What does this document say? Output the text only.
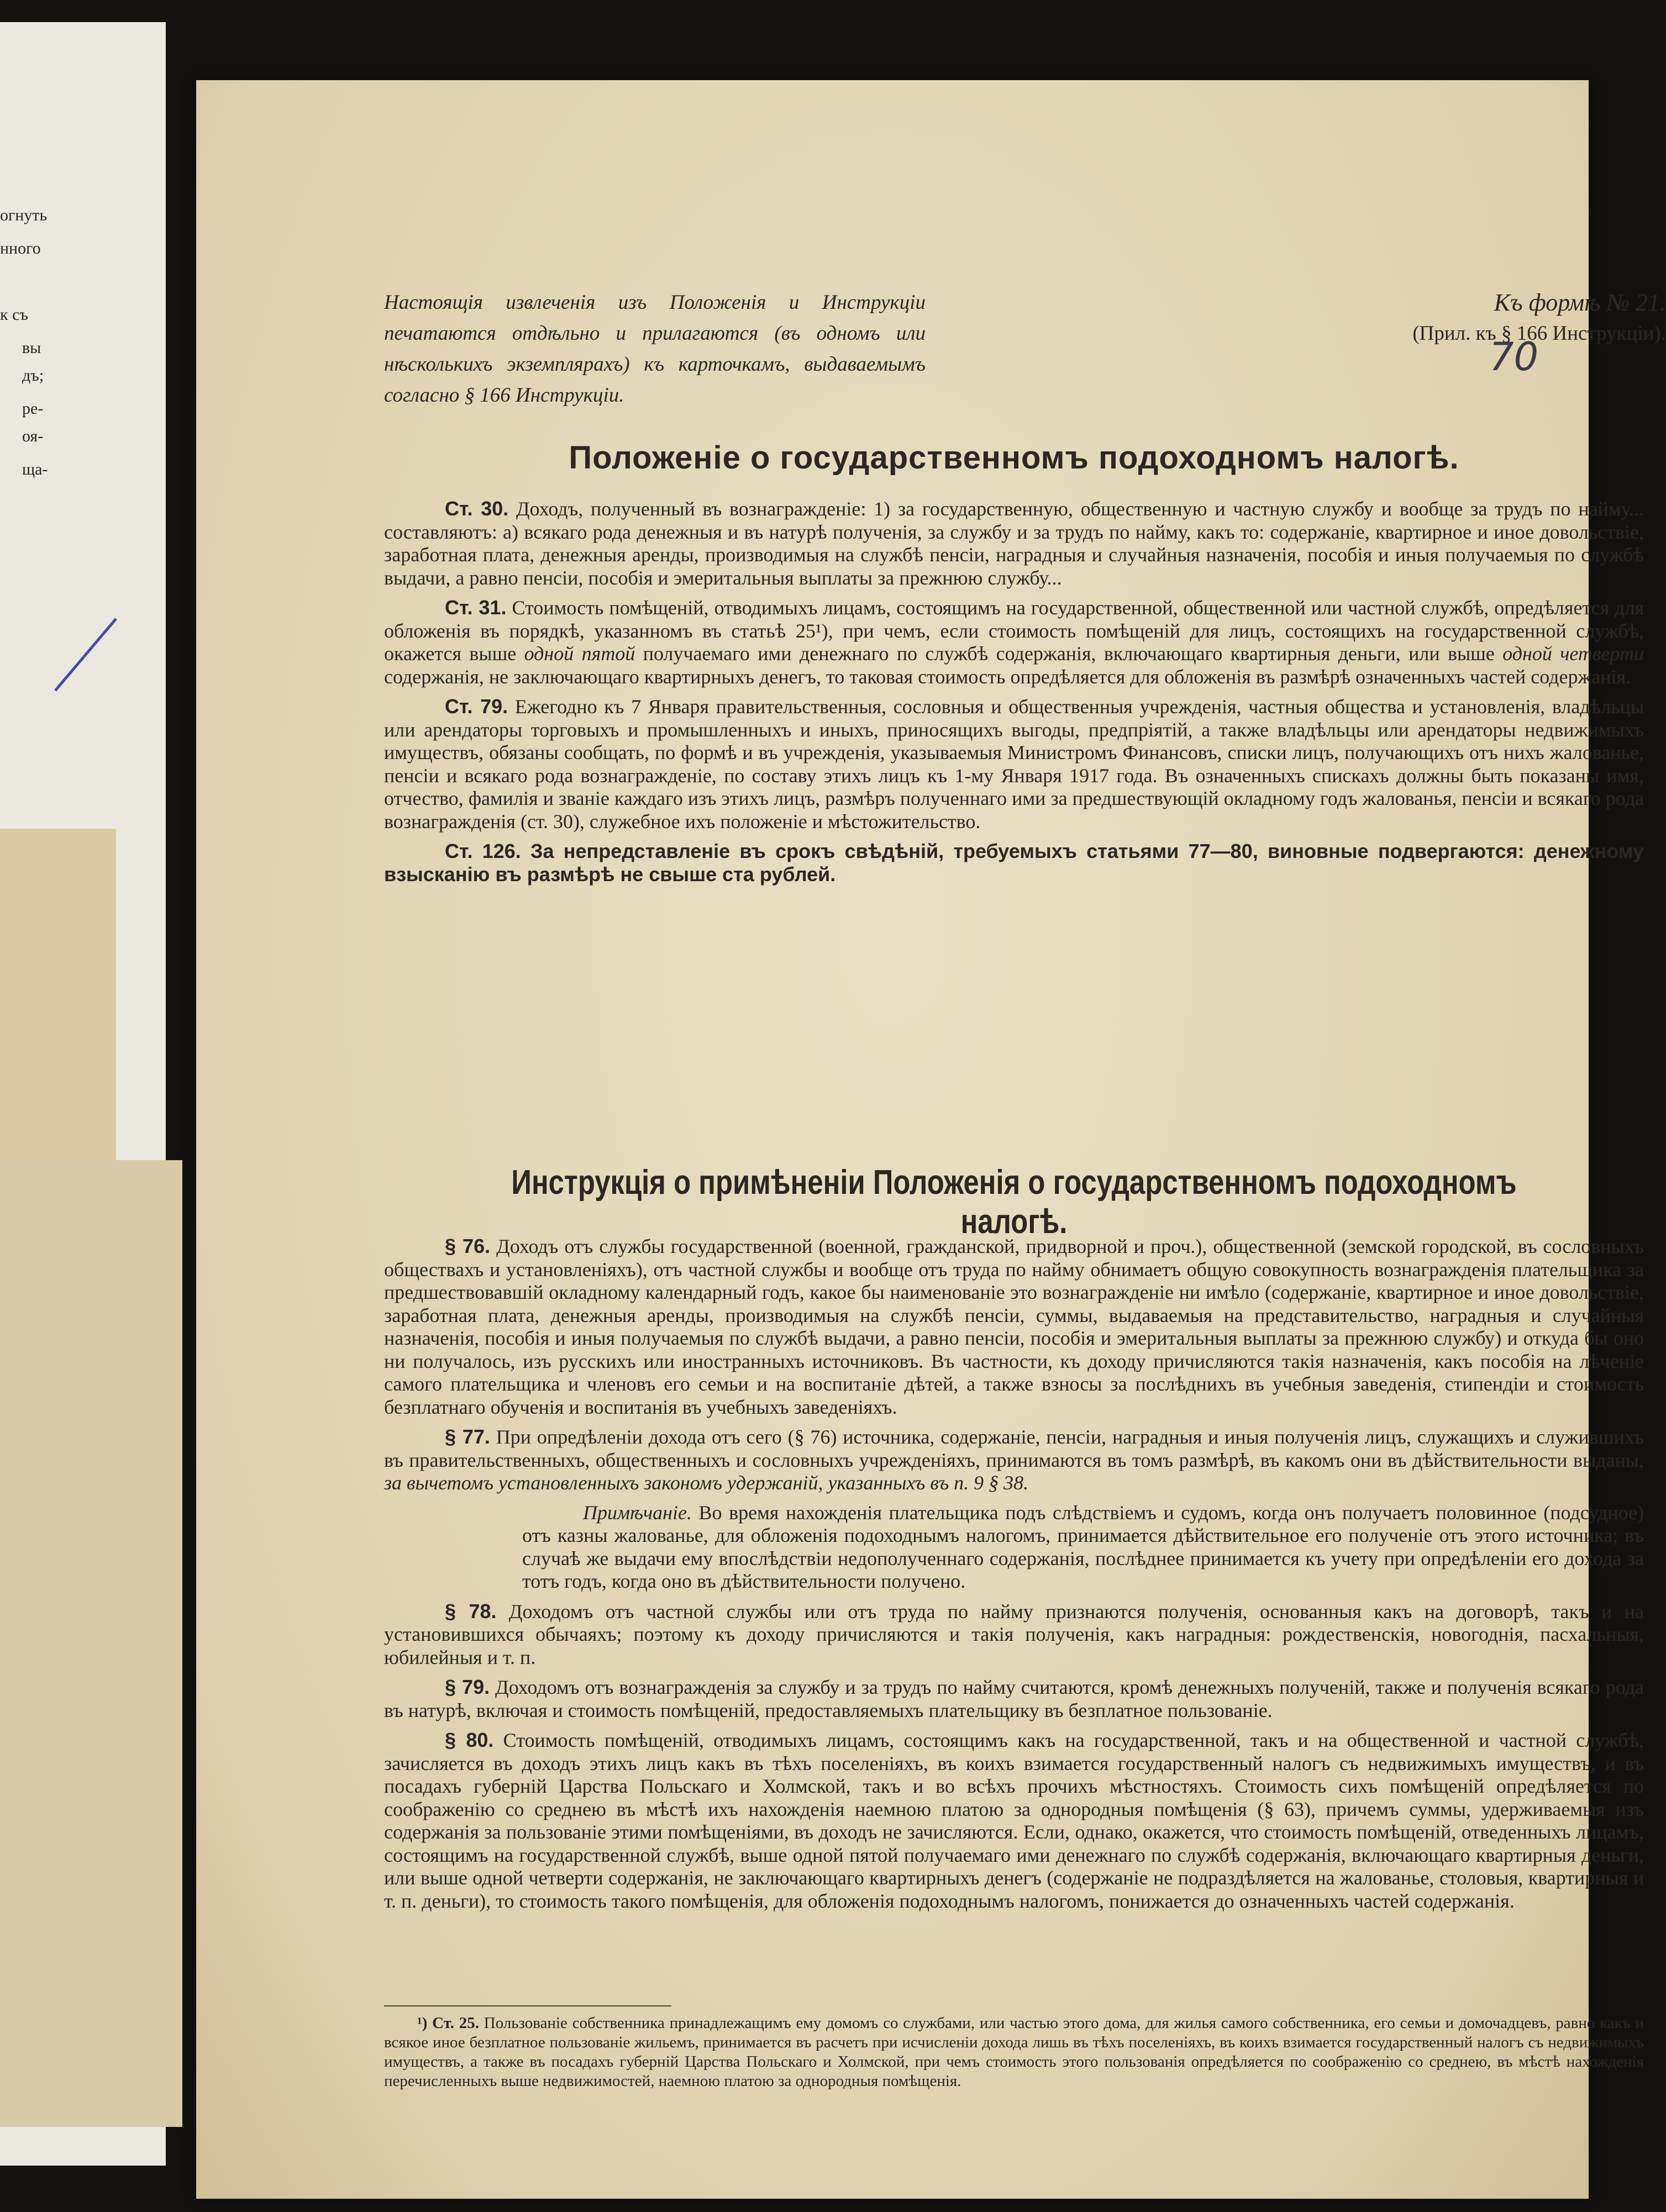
огнуть
нного
к съ
вы
дъ;
ре-
оя-
ща-
Настоящія извлеченія изъ Положенія и Инструкціи печатаются отдѣльно и прилагаются (въ одномъ или нѣсколькихъ экземплярахъ) къ карточкамъ, выдаваемымъ согласно § 166 Инструкціи.
Къ формѣ № 21.
(Прил. къ § 166 Инструкціи).
70
Положеніе о государственномъ подоходномъ налогѣ.

Ст. 30. Доходъ, полученный въ вознагражденіе: 1) за государственную, общественную и частную службу и вообще за трудъ по найму... составляютъ: а) всякаго рода денежныя и въ натурѣ полученія, за службу и за трудъ по найму, какъ то: содержаніе, квартирное и иное довольствіе, заработная плата, денежныя аренды, производимыя на службѣ пенсіи, наградныя и случайныя назначенія, пособія и иныя получаемыя по службѣ выдачи, а равно пенсіи, пособія и эмеритальныя выплаты за прежнюю службу...

Ст. 31. Стоимость помѣщеній, отводимыхъ лицамъ, состоящимъ на государственной, общественной или частной службѣ, опредѣляется для обложенія въ порядкѣ, указанномъ въ статьѣ 25¹), при чемъ, если стоимость помѣщеній для лицъ, состоящихъ на государственной службѣ, окажется выше одной пятой получаемаго ими денежнаго по службѣ содержанія, включающаго квартирныя деньги, или выше одной четверти содержанія, не заключающаго квартирныхъ денегъ, то таковая стоимость опредѣляется для обложенія въ размѣрѣ означенныхъ частей содержанія.

Ст. 79. Ежегодно къ 7 Января правительственныя, сословныя и общественныя учрежденія, частныя общества и установленія, владѣльцы или арендаторы торговыхъ и промышленныхъ и иныхъ, приносящихъ выгоды, предпріятій, а также владѣльцы или арендаторы недвижимыхъ имуществъ, обязаны сообщать, по формѣ и въ учрежденія, указываемыя Министромъ Финансовъ, списки лицъ, получающихъ отъ нихъ жалованье, пенсіи и всякаго рода вознагражденіе, по составу этихъ лицъ къ 1-му Января 1917 года. Въ означенныхъ спискахъ должны быть показаны имя, отчество, фамилія и званіе каждаго изъ этихъ лицъ, размѣръ полученнаго ими за предшествующій окладному годъ жалованья, пенсіи и всякаго рода вознагражденія (ст. 30), служебное ихъ положеніе и мѣстожительство.

Ст. 126. За непредставленіе въ срокъ свѣдѣній, требуемыхъ статьями 77—80, виновные подвергаются: денежному взысканію въ размѣрѣ не свыше ста рублей.

Инструкція о примѣненіи Положенія о государственномъ подоходномъ налогѣ.

§ 76. Доходъ отъ службы государственной (военной, гражданской, придворной и проч.), общественной (земской городской, въ сословныхъ обществахъ и установленіяхъ), отъ частной службы и вообще отъ труда по найму обнимаетъ общую совокупность вознагражденія плательщика за предшествовавшій окладному календарный годъ, какое бы наименованіе это вознагражденіе ни имѣло (содержаніе, квартирное и иное довольствіе, заработная плата, денежныя аренды, производимыя на службѣ пенсіи, суммы, выдаваемыя на представительство, наградныя и случайныя назначенія, пособія и иныя получаемыя по службѣ выдачи, а равно пенсіи, пособія и эмеритальныя выплаты за прежнюю службу) и откуда бы оно ни получалось, изъ русскихъ или иностранныхъ источниковъ. Въ частности, къ доходу причисляются такія назначенія, какъ пособія на лѣченіе самого плательщика и членовъ его семьи и на воспитаніе дѣтей, а также взносы за послѣднихъ въ учебныя заведенія, стипендіи и стоимость безплатнаго обученія и воспитанія въ учебныхъ заведеніяхъ.

§ 77. При опредѣленіи дохода отъ сего (§ 76) источника, содержаніе, пенсіи, наградныя и иныя полученія лицъ, служащихъ и служившихъ въ правительственныхъ, общественныхъ и сословныхъ учрежденіяхъ, принимаются въ томъ размѣрѣ, въ какомъ они въ дѣйствительности выданы, за вычетомъ установленныхъ закономъ удержаній, указанныхъ въ п. 9 § 38.

Примѣчаніе. Во время нахожденія плательщика подъ слѣдствіемъ и судомъ, когда онъ получаетъ половинное (подсудное) отъ казны жалованье, для обложенія подоходнымъ налогомъ, принимается дѣйствительное его полученіе отъ этого источника; въ случаѣ же выдачи ему впослѣдствіи недополученнаго содержанія, послѣднее принимается къ учету при опредѣленіи его дохода за тотъ годъ, когда оно въ дѣйствительности получено.

§ 78. Доходомъ отъ частной службы или отъ труда по найму признаются полученія, основанныя какъ на договорѣ, такъ и на установившихся обычаяхъ; поэтому къ доходу причисляются и такія полученія, какъ наградныя: рождественскія, новогоднія, пасхальныя, юбилейныя и т. п.

§ 79. Доходомъ отъ вознагражденія за службу и за трудъ по найму считаются, кромѣ денежныхъ полученій, также и полученія всякаго рода въ натурѣ, включая и стоимость помѣщеній, предоставляемыхъ плательщику въ безплатное пользованіе.

§ 80. Стоимость помѣщеній, отводимыхъ лицамъ, состоящимъ какъ на государственной, такъ и на общественной и частной службѣ, зачисляется въ доходъ этихъ лицъ какъ въ тѣхъ поселеніяхъ, въ коихъ взимается государственный налогъ съ недвижимыхъ имуществъ, и въ посадахъ губерній Царства Польскаго и Холмской, такъ и во всѣхъ прочихъ мѣстностяхъ. Стоимость сихъ помѣщеній опредѣляется по соображенію со среднею въ мѣстѣ ихъ нахожденія наемною платою за однородныя помѣщенія (§ 63), причемъ суммы, удерживаемыя изъ содержанія за пользованіе этими помѣщеніями, въ доходъ не зачисляются. Если, однако, окажется, что стоимость помѣщеній, отведенныхъ лицамъ, состоящимъ на государственной службѣ, выше одной пятой получаемаго ими денежнаго по службѣ содержанія, включающаго квартирныя деньги, или выше одной четверти содержанія, не заключающаго квартирныхъ денегъ (содержаніе не подраздѣляется на жалованье, столовыя, квартирныя и т. п. деньги), то стоимость такого помѣщенія, для обложенія подоходнымъ налогомъ, понижается до означенныхъ частей содержанія.

¹) Ст. 25. Пользованіе собственника принадлежащимъ ему домомъ со службами, или частью этого дома, для жилья самого собственника, его семьи и домочадцевъ, равно какъ и всякое иное безплатное пользованіе жильемъ, принимается въ расчетъ при исчисленіи дохода лишь въ тѣхъ поселеніяхъ, въ коихъ взимается государственный налогъ съ недвижимыхъ имуществъ, а также въ посадахъ губерній Царства Польскаго и Холмской, при чемъ стоимость этого пользованія опредѣляется по соображенію со среднею, въ мѣстѣ нахожденія перечисленныхъ выше недвижимостей, наемною платою за однородныя помѣщенія.
